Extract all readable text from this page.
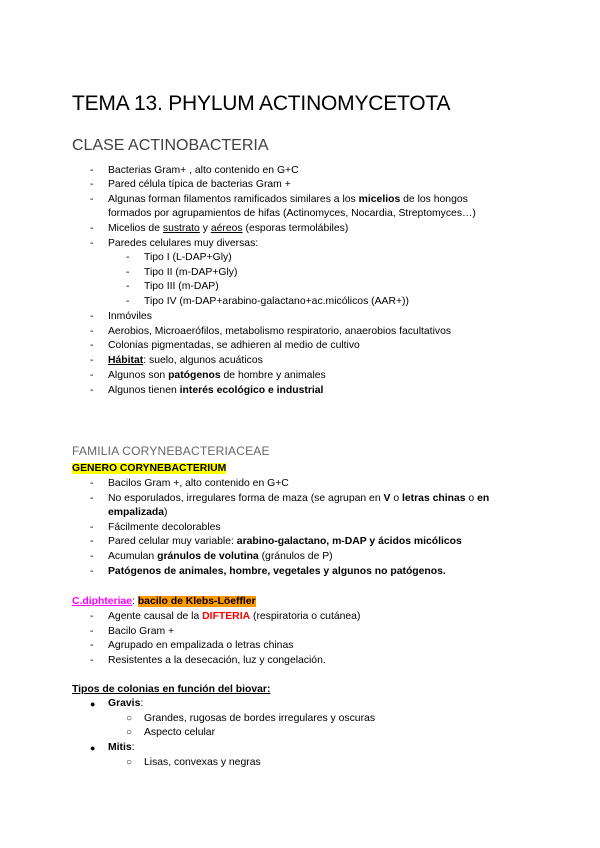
TEMA 13. PHYLUM ACTINOMYCETOTA
CLASE ACTINOBACTERIA
- Bacterias Gram+ , alto contenido en G+C
- Pared célula típica de bacterias Gram +
- Algunas forman filamentos ramificados similares a los micelios de los hongos
formados por agrupamientos de hifas (Actinomyces, Nocardia, Streptomyces…)
- Micelios de sustrato y aéreos (esporas termolábiles)
- Paredes celulares muy diversas:
- Tipo I (L-DAP+Gly)
- Tipo II (m-DAP+Gly)
- Tipo III (m-DAP)
- Tipo IV (m-DAP+arabino-galactano+ac.micólicos (AAR+))
- Inmóviles
- Aerobios, Microaerófilos, metabolismo respiratorio, anaerobios facultativos
- Colonias pigmentadas, se adhieren al medio de cultivo
- Hábitat: suelo, algunos acuáticos
- Algunos son patógenos de hombre y animales
- Algunos tienen interés ecológico e industrial
FAMILIA CORYNEBACTERIACEAE
GENERO CORYNEBACTERIUM
- Bacilos Gram +, alto contenido en G+C
- No esporulados, irregulares forma de maza (se agrupan en V o letras chinas o en
empalizada)
- Fácilmente decolorables
- Pared celular muy variable: arabino-galactano, m-DAP y ácidos micólicos
- Acumulan gránulos de volutina (gránulos de P)
- Patógenos de animales, hombre, vegetales y algunos no patógenos.
C.diphteriae: bacilo de Klebs-Löeffler
- Agente causal de la DIFTERIA (respiratoria o cutánea)
- Bacilo Gram +
- Agrupado en empalizada o letras chinas
- Resistentes a la desecación, luz y congelación.
Tipos de colonias en función del biovar:
● Gravis:
○ Grandes, rugosas de bordes irregulares y oscuras
○ Aspecto celular
● Mitis:
○ Lisas, convexas y negras
